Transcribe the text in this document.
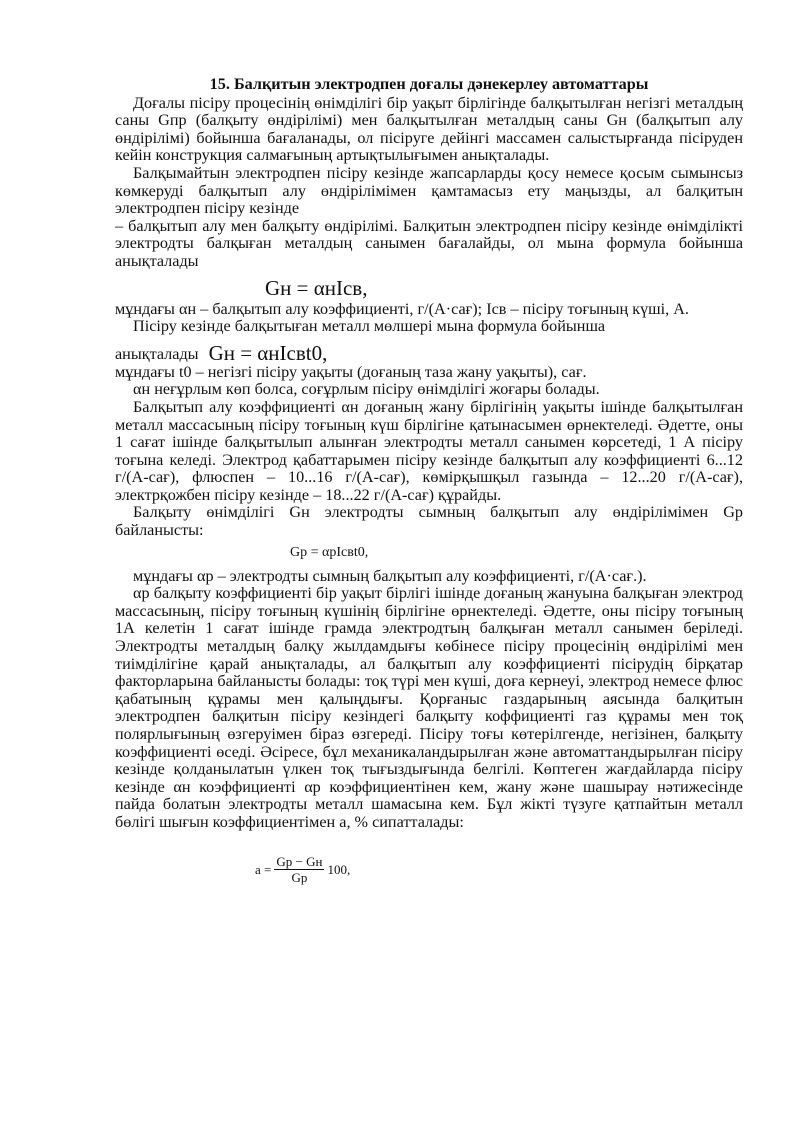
15. Балқитын электродпен доғалы дәнекерлеу автоматтары

Доғалы пісіру процесінің өнімділігі бір уақыт бірлігінде балқытылған негізгі металдың саны Gпр (балқыту өндірілімі) мен балқытылған металдың саны Gн (балқытып алу өндірілімі) бойынша бағаланады, ол пісіруге дейінгі массамен салыстырғанда пісіруден кейін конструкция салмағының артықтылығымен анықталады.

Балқымайтын электродпен пісіру кезінде жапсарларды қосу немесе қосым сымынсыз көмкеруді балқытып алу өндірілімімен қамтамасыз ету маңызды, ал балқитын электродпен пісіру кезінде

– балқытып алу мен балқыту өндірілімі. Балқитын электродпен пісіру кезінде өнімділікті электродты балқыған металдың санымен бағалайды, ол мына формула бойынша анықталады

Gн = αнIсв,

мұндағы αн – балқытып алу коэффициенті, г/(А·сағ); Iсв – пісіру тоғының күші, А.

Пісіру кезінде балқытыған металл мөлшері мына формула бойынша

анықталады Gн = αнIсвt0,

мұндағы t0 – негізгі пісіру уақыты (доғаның таза жану уақыты), сағ.

αн неғұрлым көп болса, соғұрлым пісіру өнімділігі жоғары болады.

Балқытып алу коэффициенті αн доғаның жану бірлігінің уақыты ішінде балқытылған металл массасының пісіру тоғының күш бірлігіне қатынасымен өрнектеледі. Әдетте, оны 1 сағат ішінде балқытылып алынған электродты металл санымен көрсетеді, 1 А пісіру тоғына келеді. Электрод қабаттарымен пісіру кезінде балқытып алу коэффициенті 6...12 г/(А-сағ), флюспен – 10...16 г/(А-сағ), көмірқышқыл газында – 12...20 г/(А-сағ), электрқожбен пісіру кезінде – 18...22 г/(А-сағ) құрайды.

Балқыту өнімділігі Gн электродты сымның балқытып алу өндірілімімен Gр байланысты:

Gр = αрIсвt0,

мұндағы αр – электродты сымның балқытып алу коэффициенті, г/(А·сағ.).

αр балқыту коэффициенті бір уақыт бірлігі ішінде доғаның жануына балқыған электрод массасының, пісіру тоғының күшінің бірлігіне өрнектеледі. Әдетте, оны пісіру тоғының 1А келетін 1 сағат ішінде грамда электродтың балқыған металл санымен беріледі. Электродты металдың балқу жылдамдығы көбінесе пісіру процесінің өндірілімі мен тиімділігіне қарай анықталады, ал балқытып алу коэффициенті пісірудің бірқатар факторларына байланысты болады: тоқ түрі мен күші, доға кернеуі, электрод немесе флюс қабатының құрамы мен қалыңдығы. Қорғаныс газдарының аясында балқитын электродпен балқитын пісіру кезіндегі балқыту коффициенті газ құрамы мен тоқ полярлығының өзгеруімен біраз өзгереді. Пісіру тоғы көтерілгенде, негізінен, балқыту коэффициенті өседі. Әсіресе, бұл механикаландырылған және автоматтандырылған пісіру кезінде қолданылатын үлкен тоқ тығыздығында белгілі. Көптеген жағдайларда пісіру кезінде αн коэффициенті αр коэффициентінен кем, жану және шашырау нәтижесінде пайда болатын электродты металл шамасына кем. Бұл жікті түзуге қатпайтын металл бөлігі шығын коэффициентімен a, % сипатталады:

$a = \frac{Gр - Gн}{Gр} 100$,
